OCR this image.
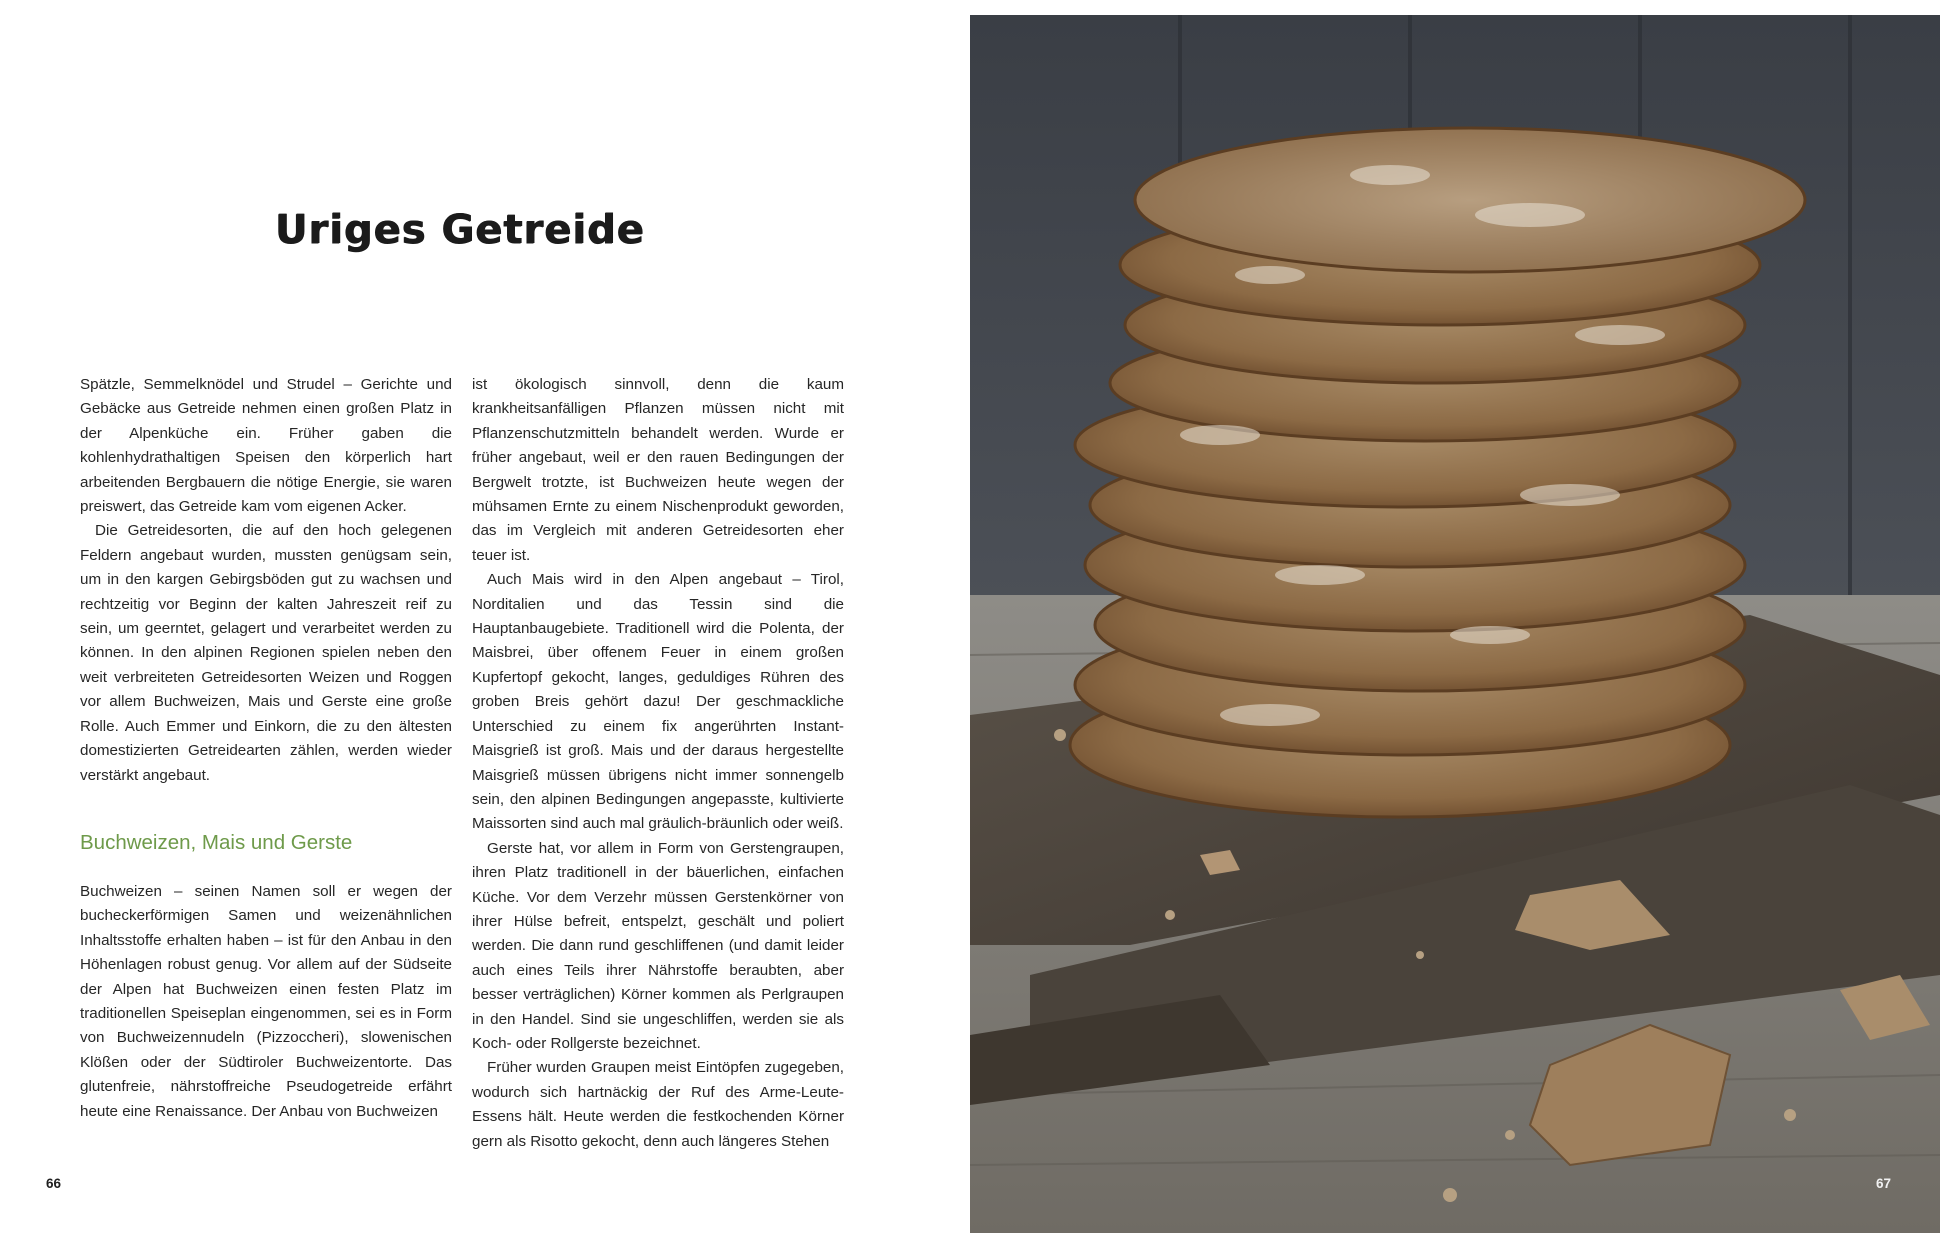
Uriges Getreide

Spätzle, Semmelknödel und Strudel – Gerichte und Gebäcke aus Getreide nehmen einen großen Platz in der Alpenküche ein. Früher gaben die kohlenhydrathaltigen Speisen den körperlich hart arbeitenden Bergbauern die nötige Energie, sie waren preiswert, das Getreide kam vom eigenen Acker.

Die Getreidesorten, die auf den hoch gelegenen Feldern angebaut wurden, mussten genügsam sein, um in den kargen Gebirgsböden gut zu wachsen und rechtzeitig vor Beginn der kalten Jahreszeit reif zu sein, um geerntet, gelagert und verarbeitet werden zu können. In den alpinen Regionen spielen neben den weit verbreiteten Getreidesorten Weizen und Roggen vor allem Buchweizen, Mais und Gerste eine große Rolle. Auch Emmer und Einkorn, die zu den ältesten domestizierten Getreidearten zählen, werden wieder verstärkt angebaut.

Buchweizen, Mais und Gerste

Buchweizen – seinen Namen soll er wegen der bucheckerförmigen Samen und weizenähnlichen Inhaltsstoffe erhalten haben – ist für den Anbau in den Höhenlagen robust genug. Vor allem auf der Südseite der Alpen hat Buchweizen einen festen Platz im traditionellen Speiseplan eingenommen, sei es in Form von Buchweizennudeln (Pizzoccheri), slowenischen Klößen oder der Südtiroler Buchweizentorte. Das glutenfreie, nährstoffreiche Pseudogetreide erfährt heute eine Renaissance. Der Anbau von Buchweizen

ist ökologisch sinnvoll, denn die kaum krankheitsanfälligen Pflanzen müssen nicht mit Pflanzenschutzmitteln behandelt werden. Wurde er früher angebaut, weil er den rauen Bedingungen der Bergwelt trotzte, ist Buchweizen heute wegen der mühsamen Ernte zu einem Nischenprodukt geworden, das im Vergleich mit anderen Getreidesorten eher teuer ist.

Auch Mais wird in den Alpen angebaut – Tirol, Norditalien und das Tessin sind die Hauptanbaugebiete. Traditionell wird die Polenta, der Maisbrei, über offenem Feuer in einem großen Kupfertopf gekocht, langes, geduldiges Rühren des groben Breis gehört dazu! Der geschmackliche Unterschied zu einem fix angerührten Instant-Maisgrieß ist groß. Mais und der daraus hergestellte Maisgrieß müssen übrigens nicht immer sonnengelb sein, den alpinen Bedingungen angepasste, kultivierte Maissorten sind auch mal gräulich-bräunlich oder weiß.

Gerste hat, vor allem in Form von Gerstengraupen, ihren Platz traditionell in der bäuerlichen, einfachen Küche. Vor dem Verzehr müssen Gerstenkörner von ihrer Hülse befreit, entspelzt, geschält und poliert werden. Die dann rund geschliffenen (und damit leider auch eines Teils ihrer Nährstoffe beraubten, aber besser verträglichen) Körner kommen als Perlgraupen in den Handel. Sind sie ungeschliffen, werden sie als Koch- oder Rollgerste bezeichnet.

Früher wurden Graupen meist Eintöpfen zugegeben, wodurch sich hartnäckig der Ruf des Arme-Leute-Essens hält. Heute werden die festkochenden Körner gern als Risotto gekocht, denn auch längeres Stehen

66	67
